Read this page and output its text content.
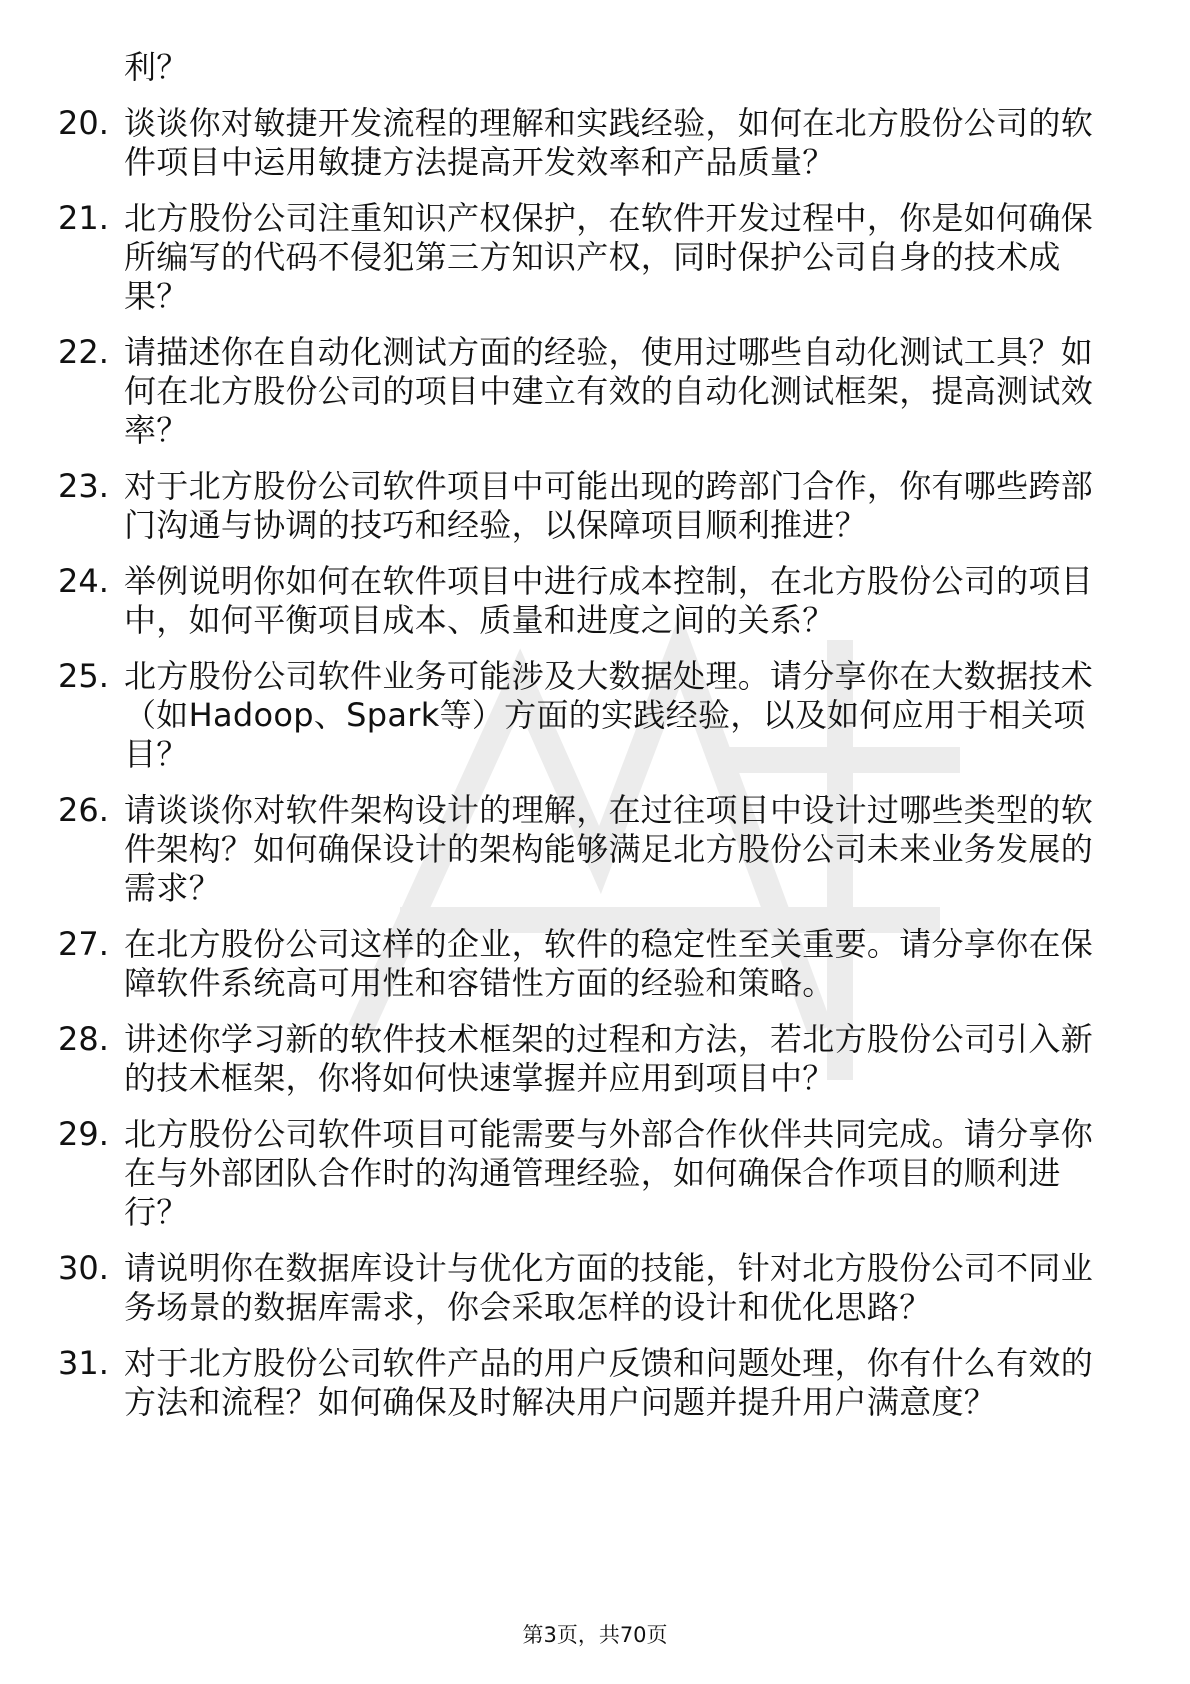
利？
20. 谈谈你对敏捷开发流程的理解和实践经验，如何在北方股份公司的软件项目中运用敏捷方法提高开发效率和产品质量？
21. 北方股份公司注重知识产权保护，在软件开发过程中，你是如何确保所编写的代码不侵犯第三方知识产权，同时保护公司自身的技术成果？
22. 请描述你在自动化测试方面的经验，使用过哪些自动化测试工具？如何在北方股份公司的项目中建立有效的自动化测试框架，提高测试效率？
23. 对于北方股份公司软件项目中可能出现的跨部门合作，你有哪些跨部门沟通与协调的技巧和经验，以保障项目顺利推进？
24. 举例说明你如何在软件项目中进行成本控制，在北方股份公司的项目中，如何平衡项目成本、质量和进度之间的关系？
25. 北方股份公司软件业务可能涉及大数据处理。请分享你在大数据技术（如Hadoop、Spark等）方面的实践经验，以及如何应用于相关项目？
26. 请谈谈你对软件架构设计的理解，在过往项目中设计过哪些类型的软件架构？如何确保设计的架构能够满足北方股份公司未来业务发展的需求？
27. 在北方股份公司这样的企业，软件的稳定性至关重要。请分享你在保障软件系统高可用性和容错性方面的经验和策略。
28. 讲述你学习新的软件技术框架的过程和方法，若北方股份公司引入新的技术框架，你将如何快速掌握并应用到项目中？
29. 北方股份公司软件项目可能需要与外部合作伙伴共同完成。请分享你在与外部团队合作时的沟通管理经验，如何确保合作项目的顺利进行？
30. 请说明你在数据库设计与优化方面的技能，针对北方股份公司不同业务场景的数据库需求，你会采取怎样的设计和优化思路？
31. 对于北方股份公司软件产品的用户反馈和问题处理，你有什么有效的方法和流程？如何确保及时解决用户问题并提升用户满意度？
第3页，共70页
